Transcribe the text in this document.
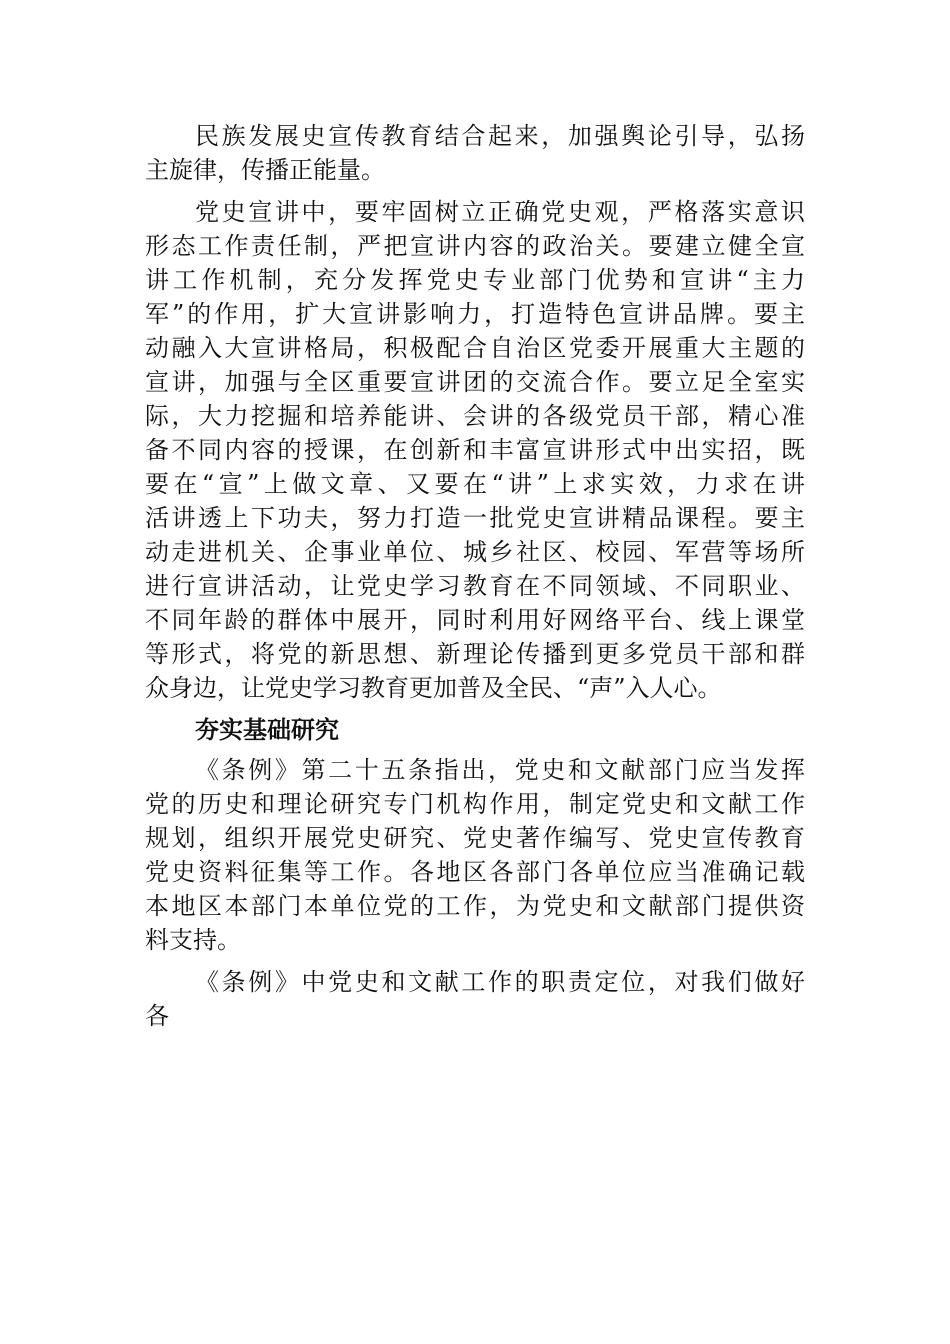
民族发展史宣传教育结合起来，加强舆论引导，弘扬
主旋律，传播正能量。
党史宣讲中，要牢固树立正确党史观，严格落实意识
形态工作责任制，严把宣讲内容的政治关。要建立健全宣
讲工作机制，充分发挥党史专业部门优势和宣讲“主力
军”的作用，扩大宣讲影响力，打造特色宣讲品牌。要主
动融入大宣讲格局，积极配合自治区党委开展重大主题的
宣讲，加强与全区重要宣讲团的交流合作。要立足全室实
际，大力挖掘和培养能讲、会讲的各级党员干部，精心准
备不同内容的授课，在创新和丰富宣讲形式中出实招，既
要在“宣”上做文章、又要在“讲”上求实效，力求在讲
活讲透上下功夫，努力打造一批党史宣讲精品课程。要主
动走进机关、企事业单位、城乡社区、校园、军营等场所
进行宣讲活动，让党史学习教育在不同领域、不同职业、
不同年龄的群体中展开，同时利用好网络平台、线上课堂
等形式，将党的新思想、新理论传播到更多党员干部和群
众身边，让党史学习教育更加普及全民、“声”入人心。
夯实基础研究
《条例》第二十五条指出，党史和文献部门应当发挥
党的历史和理论研究专门机构作用，制定党史和文献工作
规划，组织开展党史研究、党史著作编写、党史宣传教育
党史资料征集等工作。各地区各部门各单位应当准确记载
本地区本部门本单位党的工作，为党史和文献部门提供资
料支持。
《条例》中党史和文献工作的职责定位，对我们做好
各
